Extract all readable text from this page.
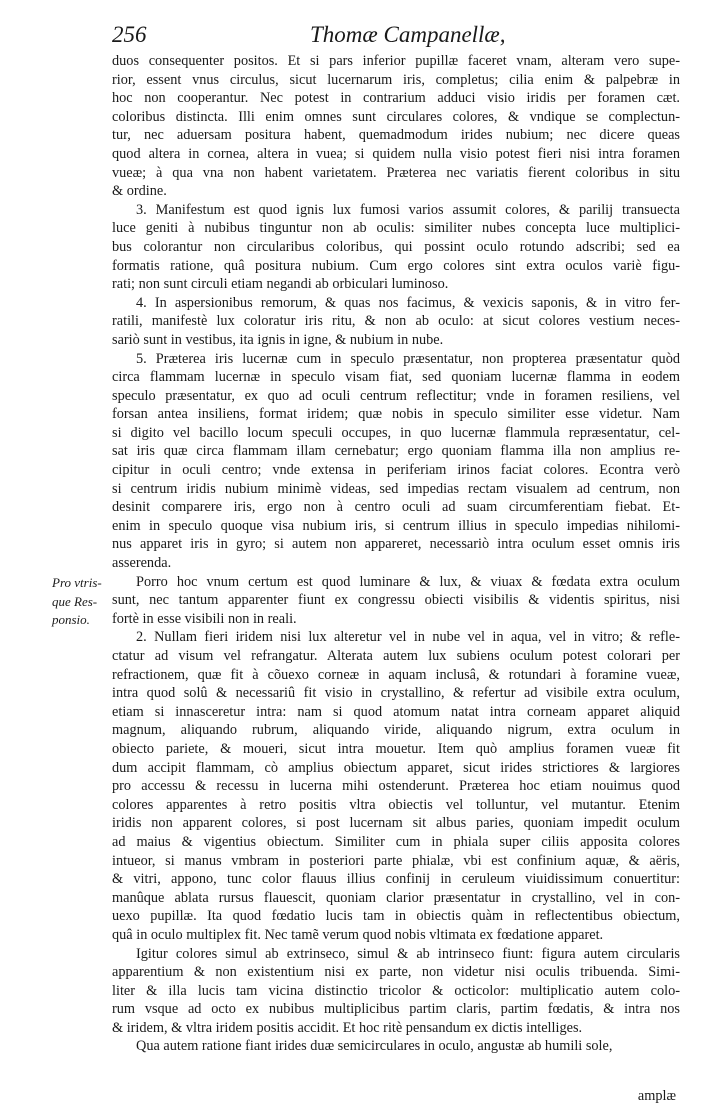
256	Thomæ Campanellæ,
Pro vtris-
que Res-
ponsio.

duos consequenter positos. Et si pars inferior pupillæ faceret vnam, alteram vero supe-
rior, essent vnus circulus, sicut lucernarum iris, completus; cilia enim & palpebræ in
hoc non cooperantur. Nec potest in contrarium adduci visio iridis per foramen cæt.
coloribus distincta. Illi enim omnes sunt circulares colores, & vndique se complectun-
tur, nec aduersam positura habent, quemadmodum irides nubium; nec dicere queas
quod altera in cornea, altera in vuea; si quidem nulla visio potest fieri nisi intra foramen
vueæ; à qua vna non habent varietatem. Præterea nec variatis fierent coloribus in situ
& ordine.

3. Manifestum est quod ignis lux fumosi varios assumit colores, & parilij transuecta
luce geniti à nubibus tinguntur non ab oculis: similiter nubes concepta luce multiplici-
bus colorantur non circularibus coloribus, qui possint oculo rotundo adscribi; sed ea
formatis ratione, quâ positura nubium. Cum ergo colores sint extra oculos variè figu-
rati; non sunt circuli etiam negandi ab orbiculari luminoso.

4. In aspersionibus remorum, & quas nos facimus, & vexicis saponis, & in vitro fer-
ratili, manifestè lux coloratur iris ritu, & non ab oculo: at sicut colores vestium neces-
sariò sunt in vestibus, ita ignis in igne, & nubium in nube.

5. Præterea iris lucernæ cum in speculo præsentatur, non propterea præsentatur quòd
circa flammam lucernæ in speculo visam fiat, sed quoniam lucernæ flamma in eodem
speculo præsentatur, ex quo ad oculi centrum reflectitur; vnde in foramen resiliens, vel
forsan antea insiliens, format iridem; quæ nobis in speculo similiter esse videtur. Nam
si digito vel bacillo locum speculi occupes, in quo lucernæ flammula repræsentatur, cel-
sat iris quæ circa flammam illam cernebatur; ergo quoniam flamma illa non amplius re-
cipitur in oculi centro; vnde extensa in periferiam irinos faciat colores. Econtra verò
si centrum iridis nubium minimè videas, sed impedias rectam visualem ad centrum, non
desinit comparere iris, ergo non à centro oculi ad suam circumferentiam fiebat. Et-
enim in speculo quoque visa nubium iris, si centrum illius in speculo impedias nihilomi-
nus apparet iris in gyro; si autem non appareret, necessariò intra oculum esset omnis iris
asserenda.

Porro hoc vnum certum est quod luminare & lux, & viuax & fœdata extra oculum
sunt, nec tantum apparenter fiunt ex congressu obiecti visibilis & videntis spiritus, nisi
fortè in esse visibili non in reali.

2. Nullam fieri iridem nisi lux alteretur vel in nube vel in aqua, vel in vitro; & refle-
ctatur ad visum vel refrangatur. Alterata autem lux subiens oculum potest colorari per
refractionem, quæ fit à cõuexo corneæ in aquam inclusâ, & rotundari à foramine vueæ,
intra quod solû & necessariû fit visio in crystallino, & refertur ad visibile extra oculum,
etiam si innasceretur intra: nam si quod atomum natat intra corneam apparet aliquid
magnum, aliquando rubrum, aliquando viride, aliquando nigrum, extra oculum in
obiecto pariete, & moueri, sicut intra mouetur. Item quò amplius foramen vueæ fit
dum accipit flammam, cò amplius obiectum apparet, sicut irides strictiores & largiores
pro accessu & recessu in lucerna mihi ostenderunt. Præterea hoc etiam nouimus quod
colores apparentes à retro positis vltra obiectis vel tolluntur, vel mutantur. Etenim
iridis non apparent colores, si post lucernam sit albus paries, quoniam impedit oculum
ad maius & vigentius obiectum. Similiter cum in phiala super ciliis apposita colores
intueor, si manus vmbram in posteriori parte phialæ, vbi est confinium aquæ, & aëris,
& vitri, appono, tunc color flauus illius confinij in ceruleum viuidissimum conuertitur:
manûque ablata rursus flauescit, quoniam clarior præsentatur in crystallino, vel in con-
uexo pupillæ. Ita quod fœdatio lucis tam in obiectis quàm in reflectentibus obiectum,
quâ in oculo multiplex fit. Nec tamẽ verum quod nobis vltimata ex fœdatione apparet.

Igitur colores simul ab extrinseco, simul & ab intrinseco fiunt: figura autem circularis
apparentium & non existentium nisi ex parte, non videtur nisi oculis tribuenda. Simi-
liter & illa lucis tam vicina distinctio tricolor & octicolor: multiplicatio autem colo-
rum vsque ad octo ex nubibus multiplicibus partim claris, partim fœdatis, & intra nos
& iridem, & vltra iridem positis accidit. Et hoc ritè pensandum ex dictis intelliges.

Qua autem ratione fiant irides duæ semicirculares in oculo, angustæ ab humili sole,

amplæ
